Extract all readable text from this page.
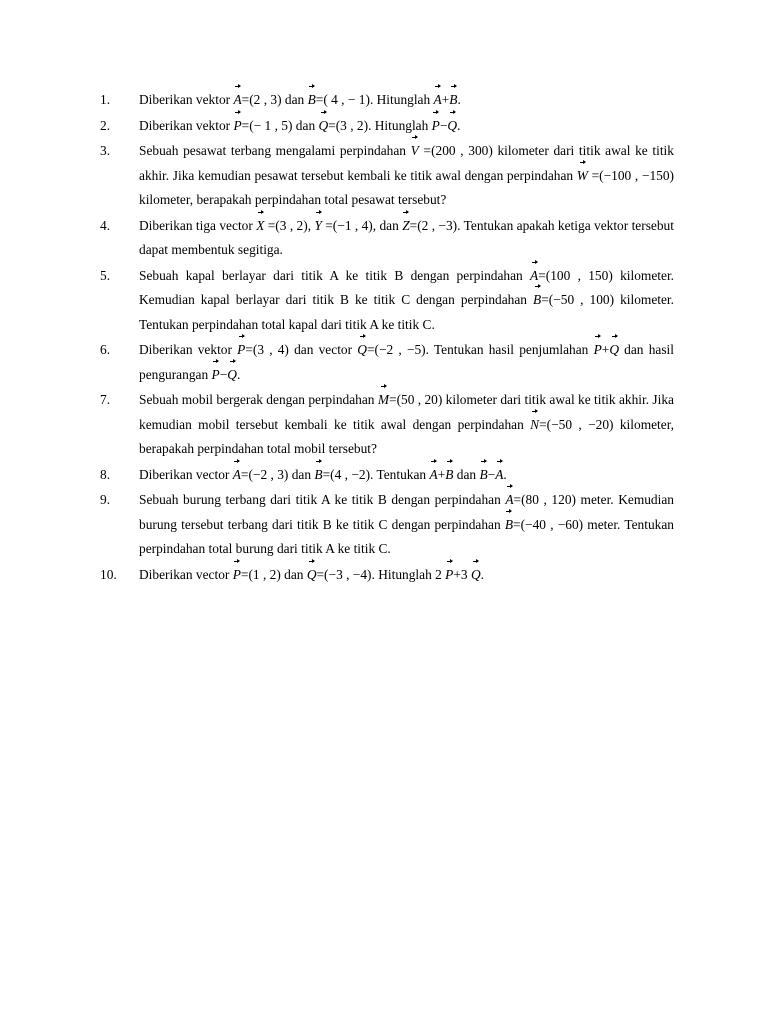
1.	Diberikan vektor A=(2 , 3) dan B=( 4 , − 1). Hitunglah A+B.
2.	Diberikan vektor P=(− 1 , 5) dan Q=(3 , 2). Hitunglah P−Q.
3.	Sebuah pesawat terbang mengalami perpindahan V =(200 , 300) kilometer dari titik awal ke titik akhir. Jika kemudian pesawat tersebut kembali ke titik awal dengan perpindahan W =(−100 , −150) kilometer, berapakah perpindahan total pesawat tersebut?
4.	Diberikan tiga vector X =(3 , 2), Y =(−1 , 4), dan Z=(2 , −3). Tentukan apakah ketiga vektor tersebut dapat membentuk segitiga.
5.	Sebuah kapal berlayar dari titik A ke titik B dengan perpindahan A=(100 , 150) kilometer. Kemudian kapal berlayar dari titik B ke titik C dengan perpindahan B=(−50 , 100) kilometer. Tentukan perpindahan total kapal dari titik A ke titik C.
6.	Diberikan vektor P=(3 , 4) dan vector Q=(−2 , −5). Tentukan hasil penjumlahan P+Q dan hasil pengurangan P−Q.
7.	Sebuah mobil bergerak dengan perpindahan M=(50 , 20) kilometer dari titik awal ke titik akhir. Jika kemudian mobil tersebut kembali ke titik awal dengan perpindahan N=(−50 , −20) kilometer, berapakah perpindahan total mobil tersebut?
8.	Diberikan vector A=(−2 , 3) dan B=(4 , −2). Tentukan A+B dan B−A.
9.	Sebuah burung terbang dari titik A ke titik B dengan perpindahan A=(80 , 120) meter. Kemudian burung tersebut terbang dari titik B ke titik C dengan perpindahan B=(−40 , −60) meter. Tentukan perpindahan total burung dari titik A ke titik C.
10.	Diberikan vector P=(1 , 2) dan Q=(−3 , −4). Hitunglah 2 P+3 Q.
